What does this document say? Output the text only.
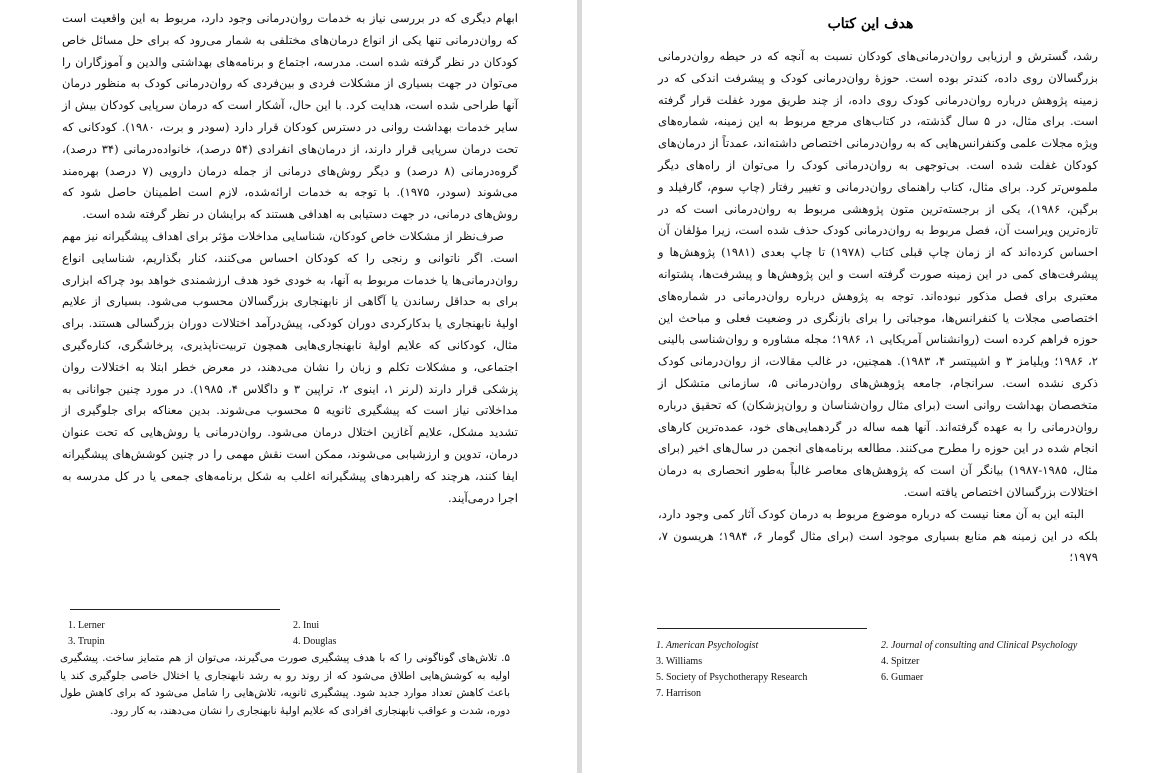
ابهام دیگری که در بررسی نیاز به خدمات روان‌درمانی وجود دارد، مربوط به این واقعیت است که روان‌درمانی تنها یکی از انواع درمان‌های مختلفی به شمار می‌رود که برای حل مسائل خاص کودکان در نظر گرفته شده است. مدرسه، اجتماع و برنامه‌های بهداشتی والدین و آموزگاران را می‌توان در جهت بسیاری از مشکلات فردی و بین‌فردی که روان‌درمانی کودک به منظور درمان آنها طراحی شده است، هدایت کرد. با این حال، آشکار است که درمان سرپایی کودکان بیش از سایر خدمات بهداشت روانی در دسترس کودکان قرار دارد (سودر و برت، ۱۹۸۰). کودکانی که تحت درمان سرپایی قرار دارند، از درمان‌های انفرادی (۵۴ درصد)، خانواده‌درمانی (۳۴ درصد)، گروه‌درمانی (۸ درصد) و دیگر روش‌های درمانی از جمله درمان دارویی (۷ درصد) بهره‌مند می‌شوند (سودر، ۱۹۷۵). با توجه به خدمات ارائه‌شده، لازم است اطمینان حاصل شود که روش‌های درمانی، در جهت دستیابی به اهدافی هستند که برایشان در نظر گرفته شده است.

صرف‌نظر از مشکلات خاص کودکان، شناسایی مداخلات مؤثر برای اهداف پیشگیرانه نیز مهم است. اگر ناتوانی و رنجی را که کودکان احساس می‌کنند، کنار بگذاریم، شناسایی انواع روان‌درمانی‌ها یا خدمات مربوط به آنها، به خودی خود هدف ارزشمندی خواهد بود چراکه ابزاری برای به حداقل رساندن یا آگاهی از نابهنجاری بزرگسالان محسوب می‌شود. بسیاری از علایم اولیهٔ نابهنجاری یا بدکارکردی دوران کودکی، پیش‌درآمد اختلالات دوران بزرگسالی هستند. برای مثال، کودکانی که علایم اولیهٔ نابهنجاری‌هایی همچون تربیت‌ناپذیری، پرخاشگری، کناره‌گیری اجتماعی، و مشکلات تکلم و زبان را نشان می‌دهند، در معرض خطر ابتلا به اختلالات روان پزشکی قرار دارند (لرنر ۱، اینوی ۲، تراپین ۳ و داگلاس ۴، ۱۹۸۵). در مورد چنین جوانانی به مداخلاتی نیاز است که پیشگیری ثانویه ۵ محسوب می‌شوند. بدین معناکه برای جلوگیری از تشدید مشکل، علایم آغازین اختلال درمان می‌شود. روان‌درمانی یا روش‌هایی که تحت عنوان درمان، تدوین و ارزشیابی می‌شوند، ممکن است نقش مهمی را در چنین کوشش‌های پیشگیرانه ایفا کنند، هرچند که راهبردهای پیشگیرانه اغلب به شکل برنامه‌های جمعی یا در کل مدرسه به اجرا درمی‌آیند.

1. Lerner	2. Inui
3. Trupin	4. Douglas
۵. تلاش‌های گوناگونی را که با هدف پیشگیری صورت می‌گیرند، می‌توان از هم متمایز ساخت. پیشگیری اولیه به کوشش‌هایی اطلاق می‌شود که از روند رو به رشد نابهنجاری یا اختلال خاصی جلوگیری کند یا باعث کاهش تعداد موارد جدید شود. پیشگیری ثانویه، تلاش‌هایی را شامل می‌شود که برای کاهش طول دوره، شدت و عواقب نابهنجاری افرادی که علایم اولیهٔ نابهنجاری را نشان می‌دهند، به کار رود.
هدف این کتاب

رشد، گسترش و ارزیابی روان‌درمانی‌های کودکان نسبت به آنچه که در حیطه روان‌درمانی بزرگسالان روی داده، کندتر بوده است. حوزهٔ روان‌درمانی کودک و پیشرفت اندکی که در زمینه پژوهش درباره روان‌درمانی کودک روی داده، از چند طریق مورد غفلت قرار گرفته است. برای مثال، در ۵ سال گذشته، در کتاب‌های مرجع مربوط به این زمینه، شماره‌های ویژه مجلات علمی وکنفرانس‌هایی که به روان‌درمانی اختصاص داشته‌اند، عمدتاً از درمان‌های کودکان غفلت شده است. بی‌توجهی به روان‌درمانی کودک را می‌توان از راه‌های دیگر ملموس‌تر کرد. برای مثال، کتاب راهنمای روان‌درمانی و تغییر رفتار (چاپ سوم، گارفیلد و برگین، ۱۹۸۶)، یکی از برجسته‌ترین متون پژوهشی مربوط به روان‌درمانی است که در تازه‌ترین ویراست آن، فصل مربوط به روان‌درمانی کودک حذف شده است، زیرا مؤلفان آن احساس کرده‌اند که از زمان چاپ قبلی کتاب (۱۹۷۸) تا چاپ بعدی (۱۹۸۱) پژوهش‌ها و پیشرفت‌های کمی در این زمینه صورت گرفته است و این پژوهش‌ها و پیشرفت‌ها، پشتوانه معتبری برای فصل مذکور نبوده‌اند. توجه به پژوهش درباره روان‌درمانی در شماره‌های اختصاصی مجلات یا کنفرانس‌ها، موجباتی را برای بازنگری در وضعیت فعلی و مباحث این حوزه فراهم کرده است (روانشناس آمریکایی ۱، ۱۹۸۶؛ مجله مشاوره و روان‌شناسی بالینی ۲، ۱۹۸۶؛ ویلیامز ۳ و اشپیتسر ۴، ۱۹۸۳). همچنین، در غالب مقالات، از روان‌درمانی کودک ذکری نشده است. سرانجام، جامعه پژوهش‌های روان‌درمانی ۵، سازمانی متشکل از متخصصان بهداشت روانی است (برای مثال روان‌شناسان و روان‌پزشکان) که تحقیق درباره روان‌درمانی را به عهده گرفته‌اند. آنها همه ساله در گردهمایی‌های خود، عمده‌ترین کارهای انجام شده در این حوزه را مطرح می‌کنند. مطالعه برنامه‌های انجمن در سال‌های اخیر (برای مثال، ۱۹۸۵-۱۹۸۷) بیانگر آن است که پژوهش‌های معاصر غالباً به‌طور انحصاری به درمان اختلالات بزرگسالان اختصاص یافته است.

البته این به آن معنا نیست که درباره موضوع مربوط به درمان کودک آثار کمی وجود دارد، بلکه در این زمینه هم منابع بسیاری موجود است (برای مثال گومار ۶، ۱۹۸۴؛ هریسون ۷، ۱۹۷۹؛

1. American Psychologist	2. Journal of consulting and Clinical Psychology
3. Williams	4. Spitzer
5. Society of Psychotherapy Research	6. Gumaer
7. Harrison
